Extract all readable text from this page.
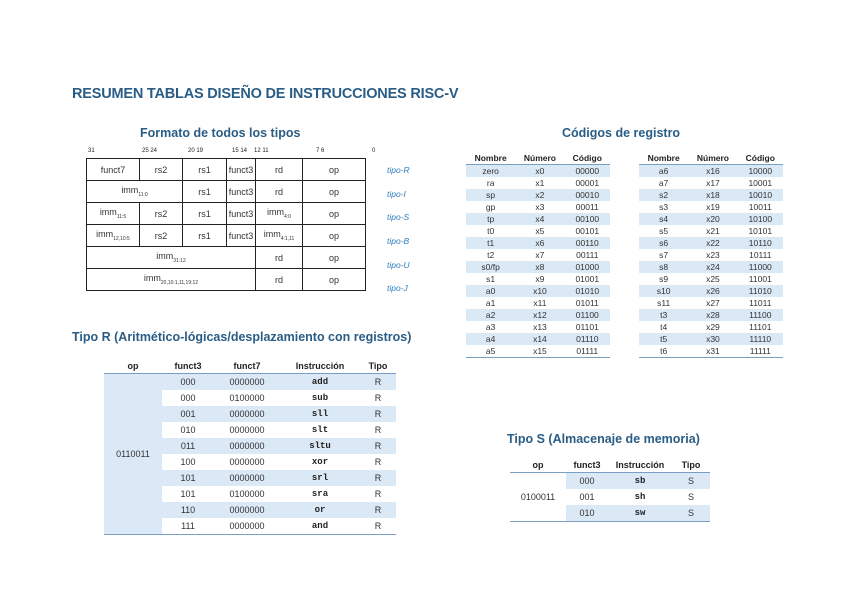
RESUMEN TABLAS DISEÑO DE INSTRUCCIONES RISC-V
Formato de todos los tipos
31	25 24	20 19	15 14 12 11	7 6	0
funct7	rs2	rs1	funct3	rd	op
imm$_{11:0}$		rs1	funct3	rd	op
imm$_{11:5}$	rs2	rs1	funct3	imm$_{4:0}$	op
imm$_{12,10:5}$	rs2	rs1	funct3	imm$_{4:1,11}$	op
imm$_{31:12}$				rd	op
imm$_{20,10:1,11,19:12}$				rd	op
tipo-R
tipo-I
tipo-S
tipo-B
tipo-U
tipo-J
Códigos de registro
Nombre	Número	Código
zero	x0	00000
ra	x1	00001
sp	x2	00010
gp	x3	00011
tp	x4	00100
t0	x5	00101
t1	x6	00110
t2	x7	00111
s0/fp	x8	01000
s1	x9	01001
a0	x10	01010
a1	x11	01011
a2	x12	01100
a3	x13	01101
a4	x14	01110
a5	x15	01111
Nombre	Número	Código
a6	x16	10000
a7	x17	10001
s2	x18	10010
s3	x19	10011
s4	x20	10100
s5	x21	10101
s6	x22	10110
s7	x23	10111
s8	x24	11000
s9	x25	11001
s10	x26	11010
s11	x27	11011
t3	x28	11100
t4	x29	11101
t5	x30	11110
t6	x31	11111
Tipo R (Aritmético-lógicas/desplazamiento con registros)
op	funct3	funct7	Instrucción	Tipo
0110011	000	0000000	add	R
	000	0100000	sub	R
	001	0000000	sll	R
	010	0000000	slt	R
	011	0000000	sltu	R
	100	0000000	xor	R
	101	0000000	srl	R
	101	0100000	sra	R
	110	0000000	or	R
	111	0000000	and	R
Tipo S (Almacenaje de memoria)
op	funct3	Instrucción	Tipo
0100011	000	sb	S
	001	sh	S
	010	sw	S
